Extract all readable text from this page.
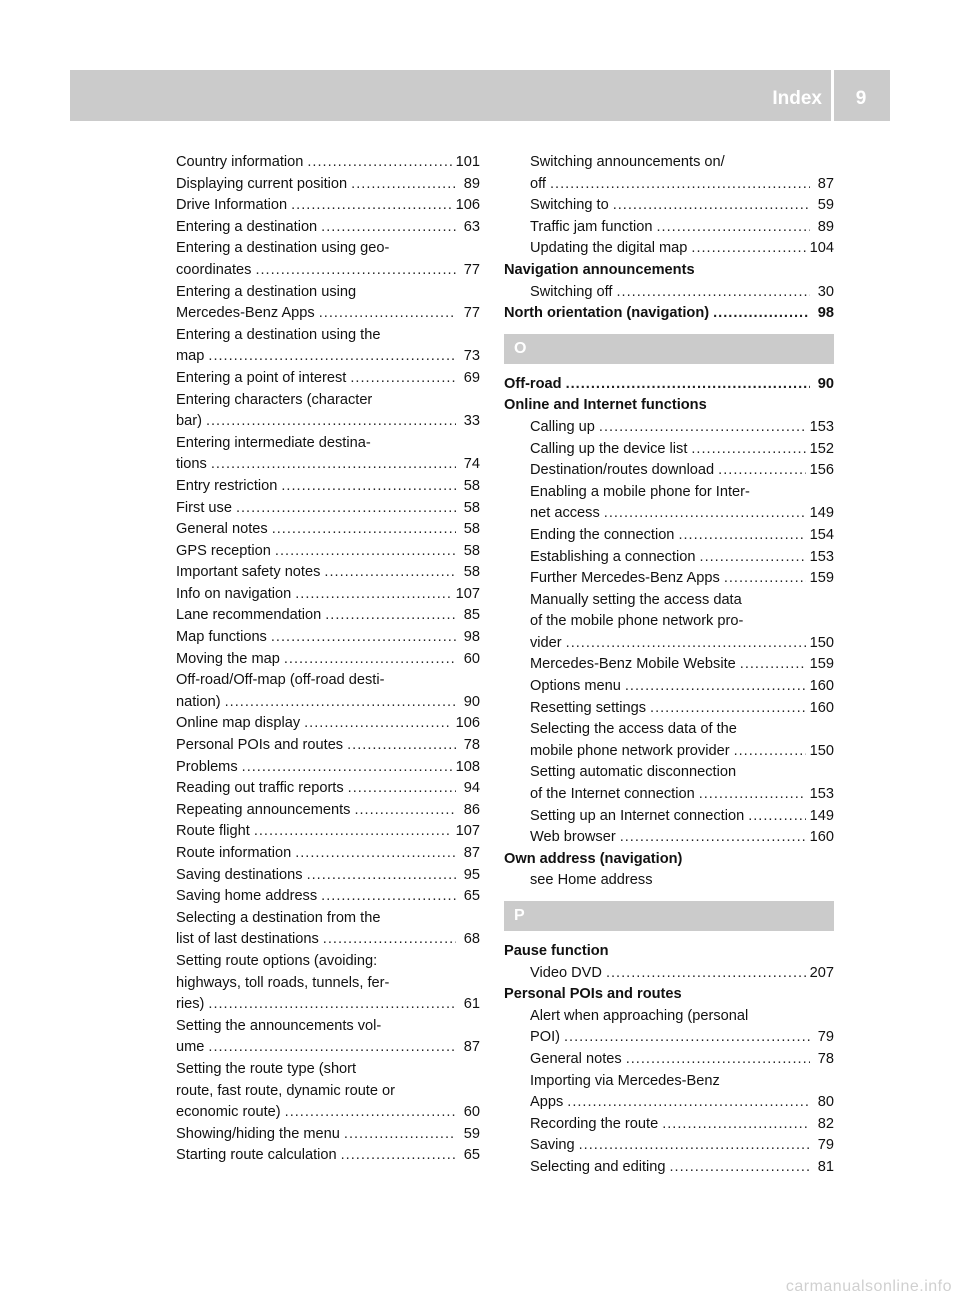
Index	9
Country information .....	101
Displaying current position .....	89
Drive Information .....	106
Entering a destination .....	63
Entering a destination using geo-
coordinates .....	77
Entering a destination using
Mercedes-Benz Apps .....	77
Entering a destination using the
map .....	73
Entering a point of interest .....	69
Entering characters (character
bar) .....	33
Entering intermediate destina-
tions .....	74
Entry restriction .....	58
First use .....	58
General notes .....	58
GPS reception .....	58
Important safety notes .....	58
Info on navigation .....	107
Lane recommendation .....	85
Map functions .....	98
Moving the map .....	60
Off-road/Off-map (off-road desti-
nation) .....	90
Online map display .....	106
Personal POIs and routes .....	78
Problems .....	108
Reading out traffic reports .....	94
Repeating announcements .....	86
Route flight .....	107
Route information .....	87
Saving destinations .....	95
Saving home address .....	65
Selecting a destination from the
list of last destinations .....	68
Setting route options (avoiding:
highways, toll roads, tunnels, fer-
ries) .....	61
Setting the announcements vol-
ume .....	87
Setting the route type (short
route, fast route, dynamic route or
economic route) .....	60
Showing/hiding the menu .....	59
Starting route calculation .....	65
Switching announcements on/
off .....	87
Switching to .....	59
Traffic jam function .....	89
Updating the digital map .....	104
Navigation announcements
Switching off .....	30
North orientation (navigation) .....	98
O
Off-road .....	90
Online and Internet functions
Calling up .....	153
Calling up the device list .....	152
Destination/routes download .....	156
Enabling a mobile phone for Inter-
net access .....	149
Ending the connection .....	154
Establishing a connection .....	153
Further Mercedes-Benz Apps .....	159
Manually setting the access data
of the mobile phone network pro-
vider .....	150
Mercedes-Benz Mobile Website .....	159
Options menu .....	160
Resetting settings .....	160
Selecting the access data of the
mobile phone network provider .....	150
Setting automatic disconnection
of the Internet connection .....	153
Setting up an Internet connection .....	149
Web browser .....	160
Own address (navigation)
see Home address
P
Pause function
Video DVD .....	207
Personal POIs and routes
Alert when approaching (personal
POI) .....	79
General notes .....	78
Importing via Mercedes-Benz
Apps .....	80
Recording the route .....	82
Saving .....	79
Selecting and editing .....	81
carmanualsonline.info
